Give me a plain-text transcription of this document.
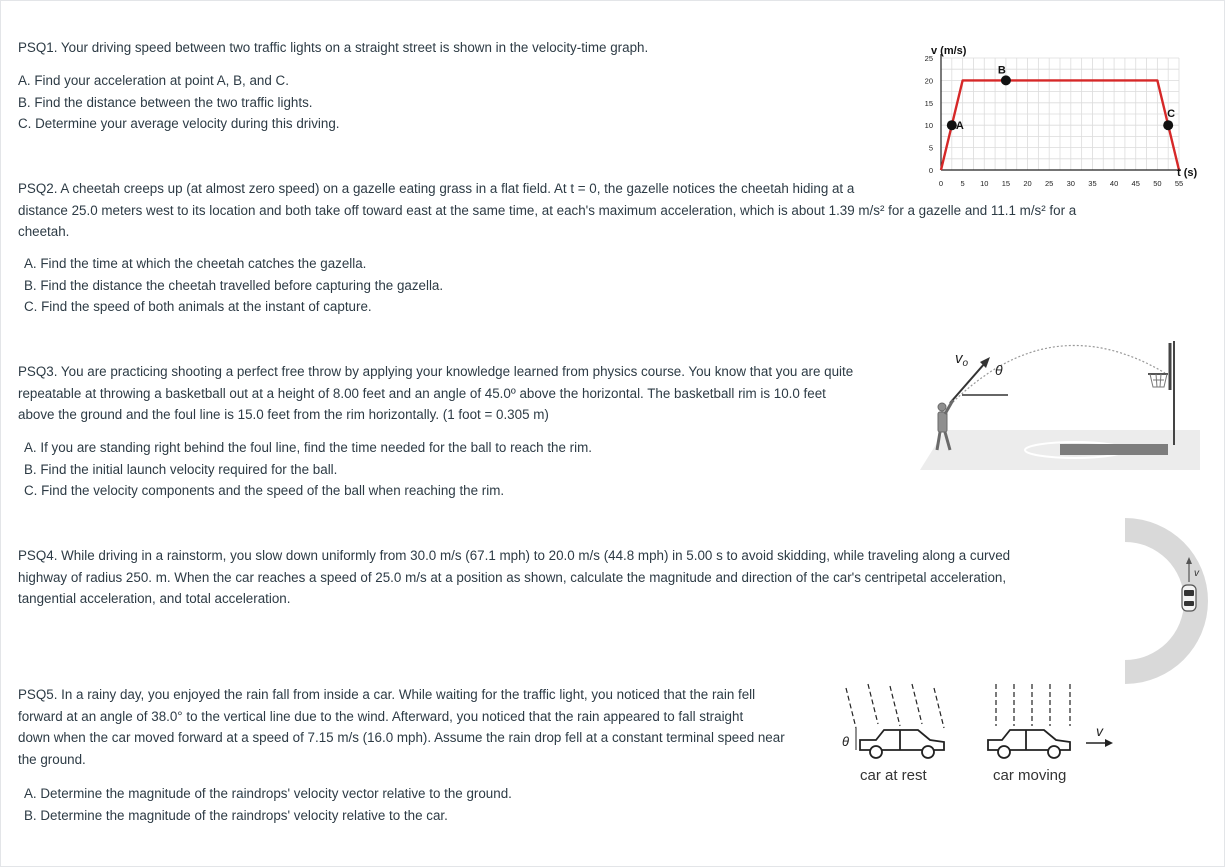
PSQ1. Your driving speed between two traffic lights on a straight street is shown in the velocity-time graph.

A. Find your acceleration at point A, B, and C.
B. Find the distance between the two traffic lights.
C. Determine your average velocity during this driving.
0 5 10 15 20 25 30 35 40 45 50 55
0
5
10
15
20
25
A
B
C
v (m/s)
t (s)

PSQ2. A cheetah creeps up (at almost zero speed) on a gazelle eating grass in a flat field. At t = 0, the gazelle notices the cheetah hiding at a

distance 25.0 meters west to its location and both take off toward east at the same time, at each's maximum acceleration, which is about 1.39 m/s² for a gazelle and 11.1 m/s² for a

cheetah.

A. Find the time at which the cheetah catches the gazella.
B. Find the distance the cheetah travelled before capturing the gazella.
C. Find the speed of both animals at the instant of capture.

PSQ3. You are practicing shooting a perfect free throw by applying your knowledge learned from physics course. You know that you are quite

repeatable at throwing a basketball out at a height of 8.00 feet and an angle of 45.0º above the horizontal. The basketball rim is 10.0 feet

above the ground and the foul line is 15.0 feet from the rim horizontally. (1 foot = 0.305 m)

A. If you are standing right behind the foul line, find the time needed for the ball to reach the rim.
B. Find the initial launch velocity required for the ball.
C. Find the velocity components and the speed of the ball when reaching the rim.
$v_o$ θ

PSQ4. While driving in a rainstorm, you slow down uniformly from 30.0 m/s (67.1 mph) to 20.0 m/s (44.8 mph) in 5.00 s to avoid skidding, while traveling along a curved

highway of radius 250. m. When the car reaches a speed of 25.0 m/s at a position as shown, calculate the magnitude and direction of the car's centripetal acceleration,

tangential acceleration, and total acceleration.

v

PSQ5. In a rainy day, you enjoyed the rain fall from inside a car. While waiting for the traffic light, you noticed that the rain fell

forward at an angle of 38.0° to the vertical line due to the wind. Afterward, you noticed that the rain appeared to fall straight

down when the car moved forward at a speed of 7.15 m/s (16.0 mph). Assume the rain drop fell at a constant terminal speed near

the ground.

A. Determine the magnitude of the raindrops' velocity vector relative to the ground.
B. Determine the magnitude of the raindrops' velocity relative to the car.
θ
car at rest
v
car moving
